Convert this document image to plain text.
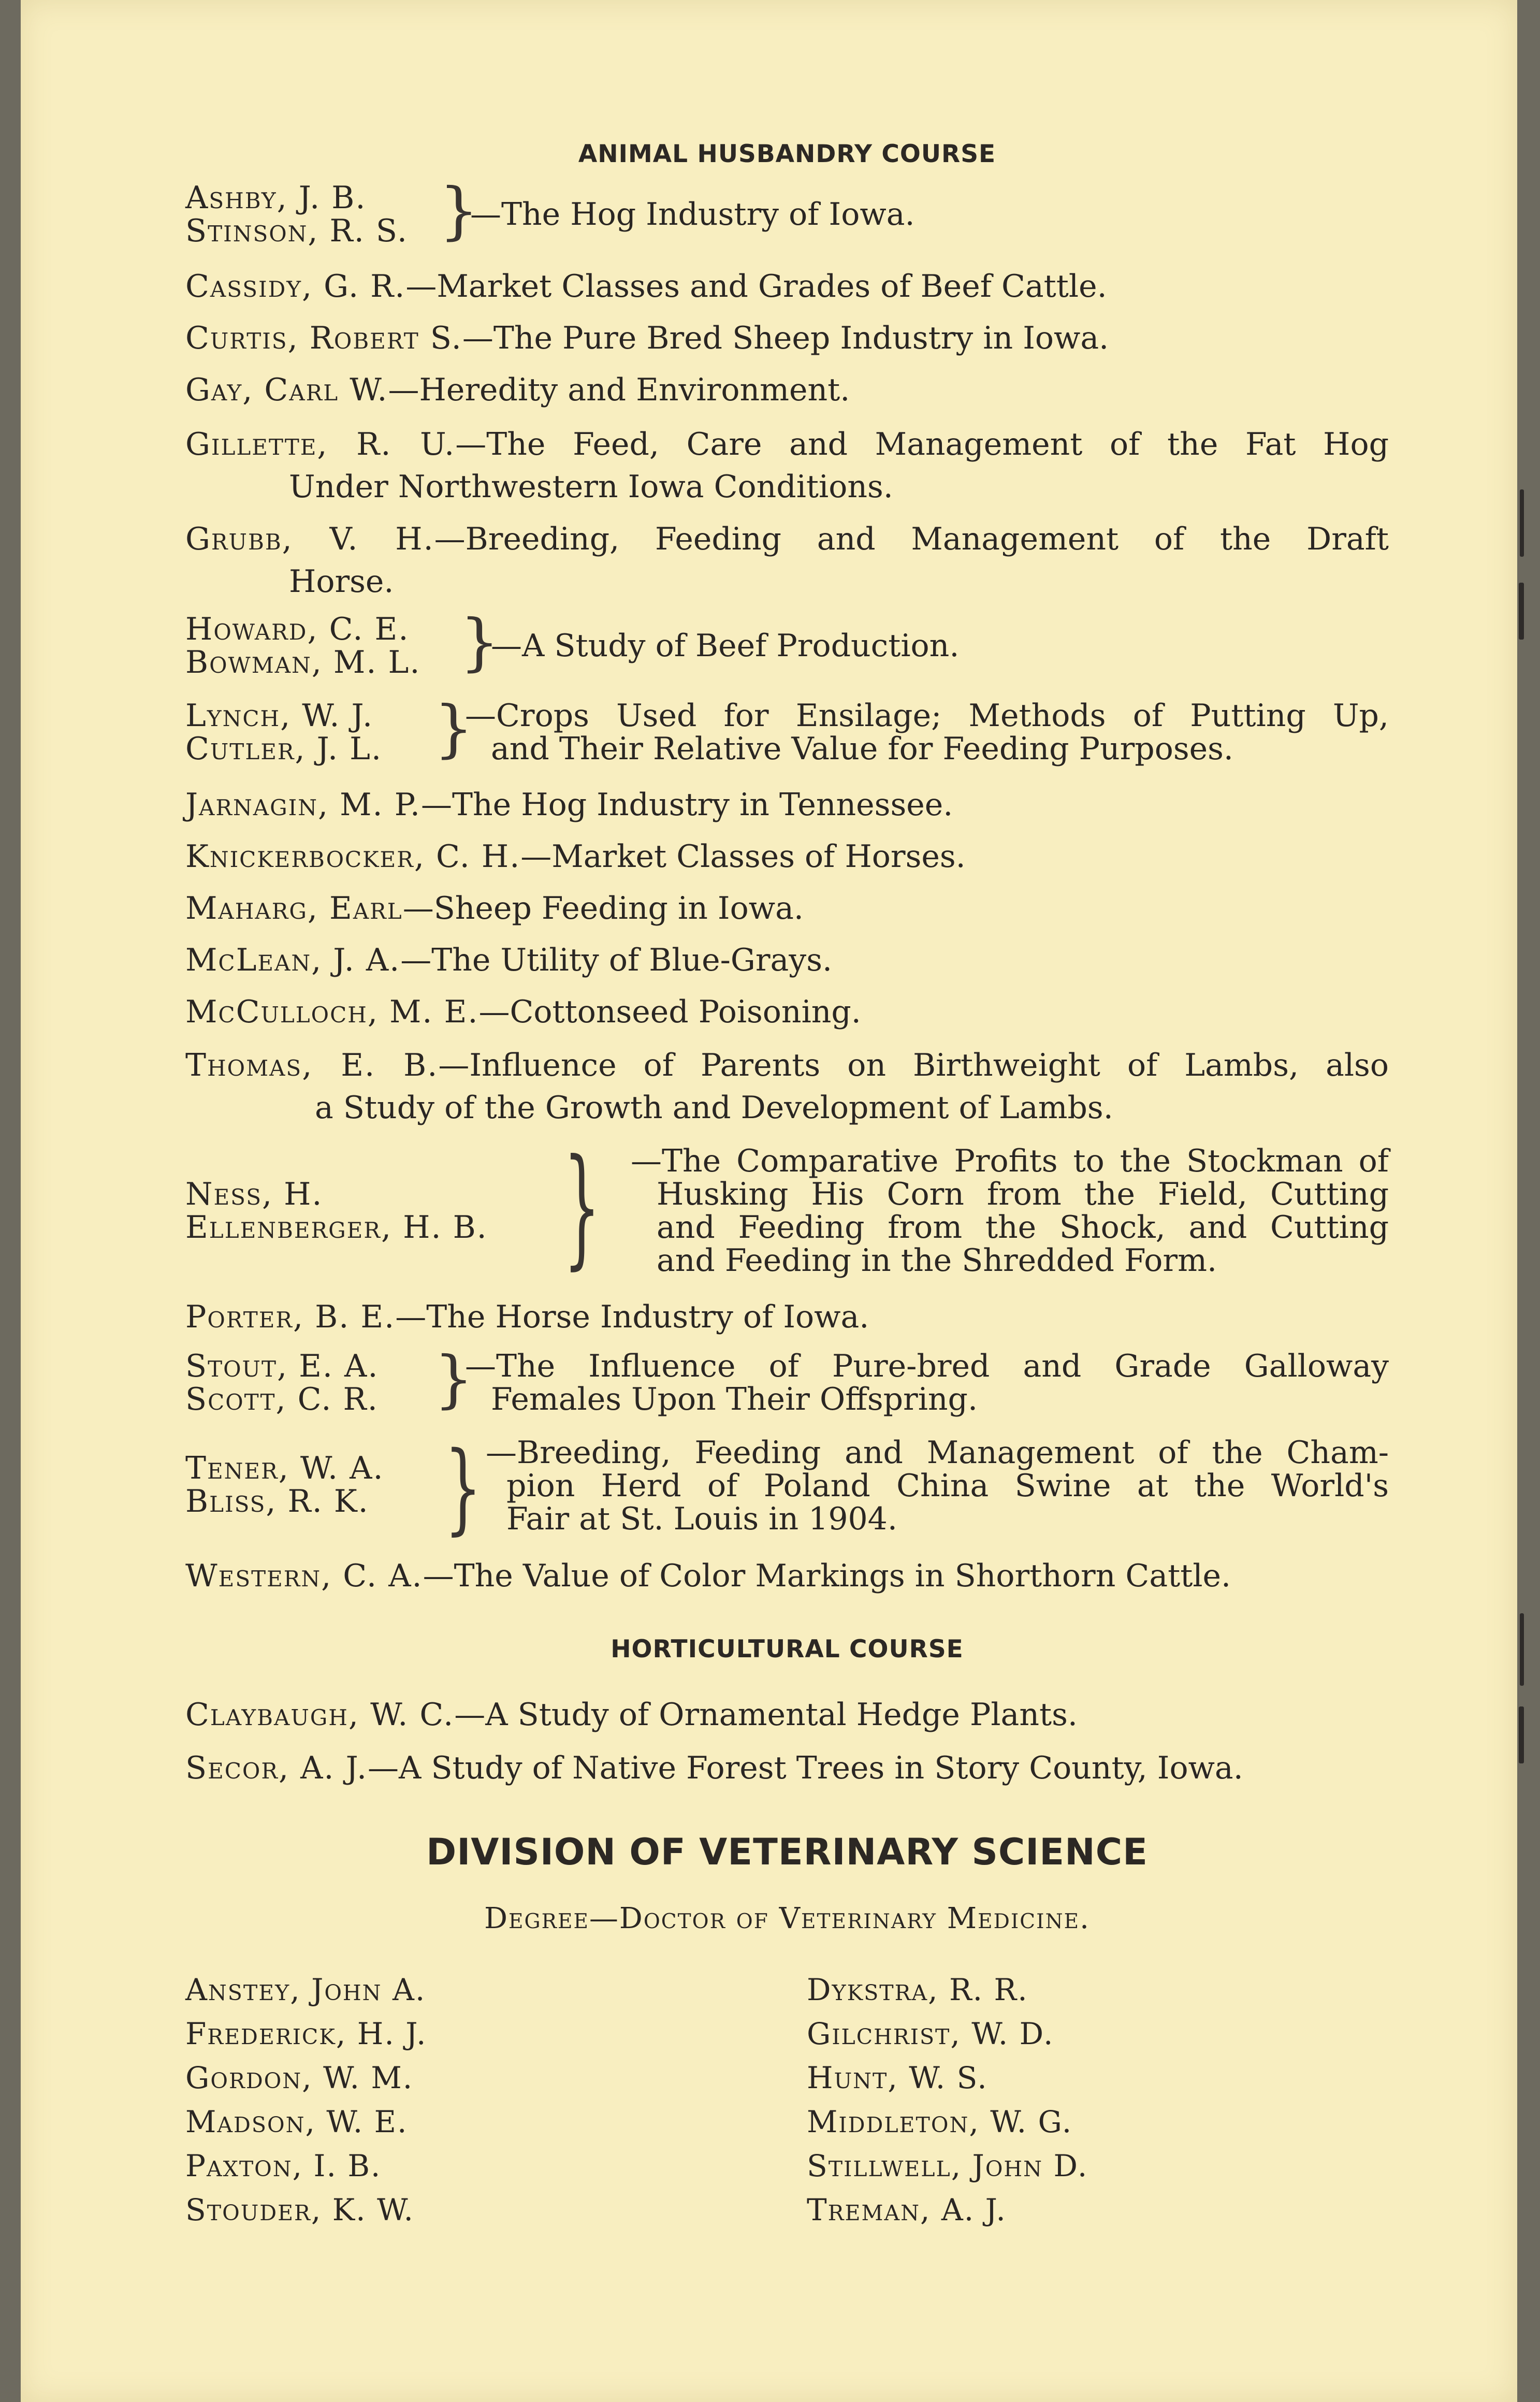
ANIMAL HUSBANDRY COURSE
Ashby, J. B.
Stinson, R. S. }
—The Hog Industry of Iowa.
Cassidy, G. R.—Market Classes and Grades of Beef Cattle.
Curtis, Robert S.—The Pure Bred Sheep Industry in Iowa.
Gay, Carl W.—Heredity and Environment.
Gillette, R. U.—The Feed, Care and Management of the Fat Hog
Under Northwestern Iowa Conditions.
Grubb, V. H.—Breeding, Feeding and Management of the Draft
Horse.
Howard, C. E.
Bowman, M. L. }
—A Study of Beef Production.
Lynch, W. J.
Cutler, J. L. }
—Crops Used for Ensilage; Methods of Putting Up,
and Their Relative Value for Feeding Purposes.
Jarnagin, M. P.—The Hog Industry in Tennessee.
Knickerbocker, C. H.—Market Classes of Horses.
Maharg, Earl—Sheep Feeding in Iowa.
McLean, J. A.—The Utility of Blue-Grays.
McCulloch, M. E.—Cottonseed Poisoning.
Thomas, E. B.—Influence of Parents on Birthweight of Lambs, also
a Study of the Growth and Development of Lambs.
Ness, H.
Ellenberger, H. B. } —The Comparative Profits to the Stockman of
Husking His Corn from the Field, Cutting
and Feeding from the Shock, and Cutting
and Feeding in the Shredded Form.
Porter, B. E.—The Horse Industry of Iowa.
Stout, E. A.
Scott, C. R. }
—The Influence of Pure-bred and Grade Galloway
Females Upon Their Offspring.
Tener, W. A.
Bliss, R. K. } —Breeding, Feeding and Management of the Cham-
pion Herd of Poland China Swine at the World's
Fair at St. Louis in 1904.
Western, C. A.—The Value of Color Markings in Shorthorn Cattle.
HORTICULTURAL COURSE
Claybaugh, W. C.—A Study of Ornamental Hedge Plants.
Secor, A. J.—A Study of Native Forest Trees in Story County, Iowa.
DIVISION OF VETERINARY SCIENCE
Degree—Doctor of Veterinary Medicine.
Anstey, John A.
Frederick, H. J.
Gordon, W. M.
Madson, W. E.
Paxton, I. B.
Stouder, K. W.
Dykstra, R. R.
Gilchrist, W. D.
Hunt, W. S.
Middleton, W. G.
Stillwell, John D.
Treman, A. J.
